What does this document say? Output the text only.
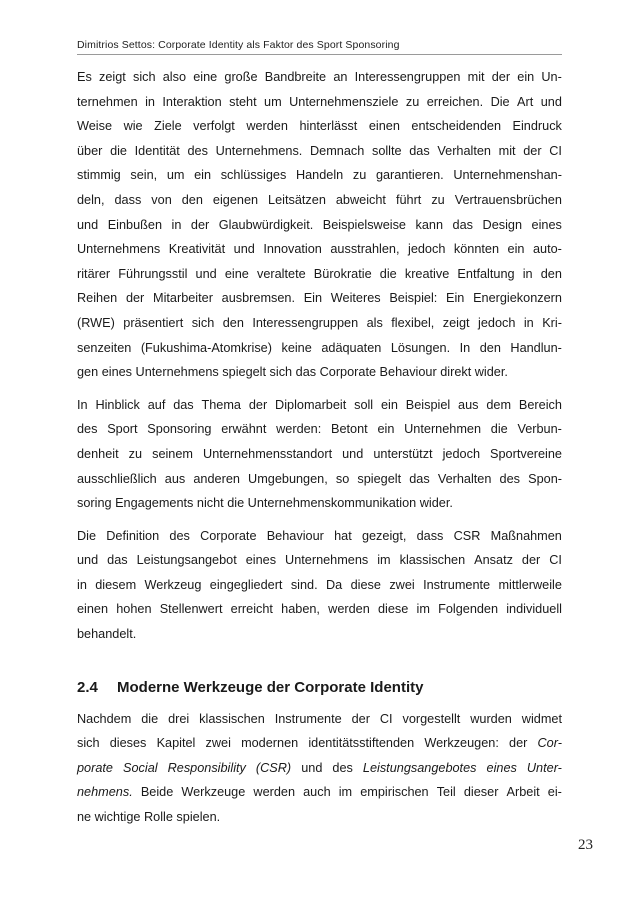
Dimitrios Settos: Corporate Identity als Faktor des Sport Sponsoring
Es zeigt sich also eine große Bandbreite an Interessengruppen mit der ein Un-
ternehmen in Interaktion steht um Unternehmensziele zu erreichen. Die Art und
Weise wie Ziele verfolgt werden hinterlässt einen entscheidenden Eindruck
über die Identität des Unternehmens. Demnach sollte das Verhalten mit der CI
stimmig sein, um ein schlüssiges Handeln zu garantieren. Unternehmenshan-
deln, dass von den eigenen Leitsätzen abweicht führt zu Vertrauensbrüchen
und Einbußen in der Glaubwürdigkeit. Beispielsweise kann das Design eines
Unternehmens Kreativität und Innovation ausstrahlen, jedoch könnten ein auto-
ritärer Führungsstil und eine veraltete Bürokratie die kreative Entfaltung in den
Reihen der Mitarbeiter ausbremsen. Ein Weiteres Beispiel: Ein Energiekonzern
(RWE) präsentiert sich den Interessengruppen als flexibel, zeigt jedoch in Kri-
senzeiten (Fukushima-Atomkrise) keine adäquaten Lösungen. In den Handlun-
gen eines Unternehmens spiegelt sich das Corporate Behaviour direkt wider.
In Hinblick auf das Thema der Diplomarbeit soll ein Beispiel aus dem Bereich
des Sport Sponsoring erwähnt werden: Betont ein Unternehmen die Verbun-
denheit zu seinem Unternehmensstandort und unterstützt jedoch Sportvereine
ausschließlich aus anderen Umgebungen, so spiegelt das Verhalten des Spon-
soring Engagements nicht die Unternehmenskommunikation wider.
Die Definition des Corporate Behaviour hat gezeigt, dass CSR Maßnahmen
und das Leistungsangebot eines Unternehmens im klassischen Ansatz der CI
in diesem Werkzeug eingegliedert sind. Da diese zwei Instrumente mittlerweile
einen hohen Stellenwert erreicht haben, werden diese im Folgenden individuell
behandelt.
2.4 Moderne Werkzeuge der Corporate Identity
Nachdem die drei klassischen Instrumente der CI vorgestellt wurden widmet
sich dieses Kapitel zwei modernen identitätsstiftenden Werkzeugen: der Cor-
porate Social Responsibility (CSR) und des Leistungsangebotes eines Unter-
nehmens. Beide Werkzeuge werden auch im empirischen Teil dieser Arbeit ei-
ne wichtige Rolle spielen.
23
